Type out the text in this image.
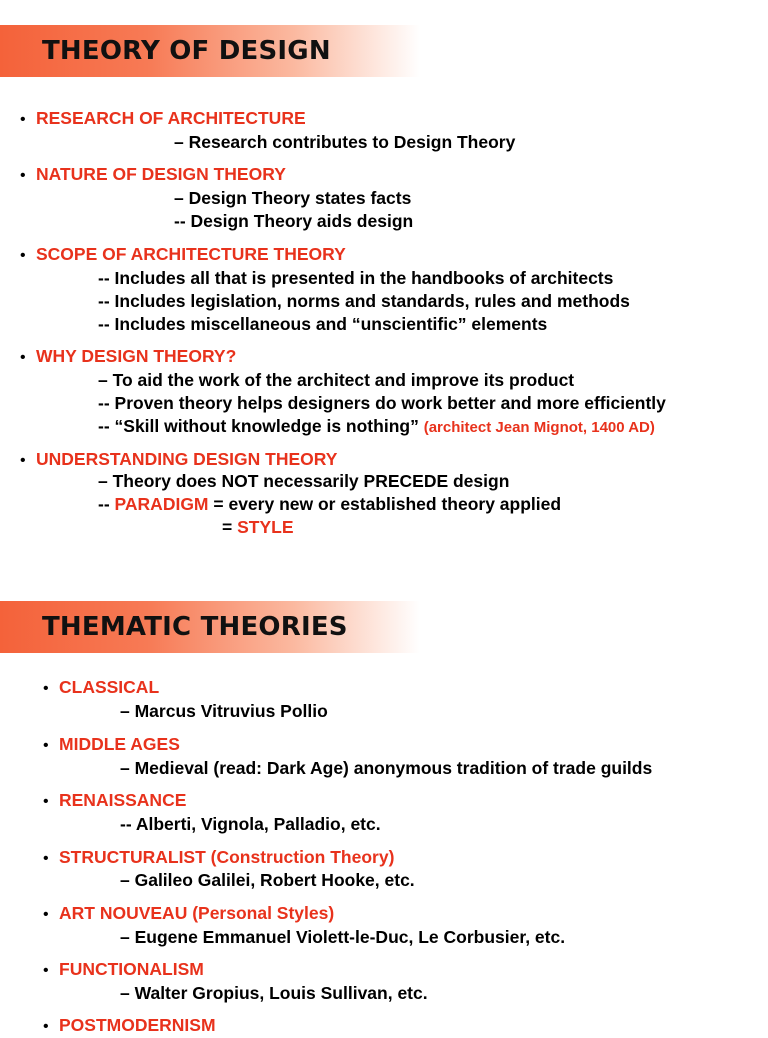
THEORY OF DESIGN
• RESEARCH OF ARCHITECTURE
– Research contributes to Design Theory
• NATURE OF DESIGN THEORY
– Design Theory states facts
-- Design Theory aids design
• SCOPE OF ARCHITECTURE THEORY
-- Includes all that is presented in the handbooks of architects
-- Includes legislation, norms and standards, rules and methods
-- Includes miscellaneous and “unscientific” elements
• WHY DESIGN THEORY?
– To aid the work of the architect and improve its product
-- Proven theory helps designers do work better and more efficiently
-- “Skill without knowledge is nothing” (architect Jean Mignot, 1400 AD)
• UNDERSTANDING DESIGN THEORY
– Theory does NOT necessarily PRECEDE design
-- PARADIGM = every new or established theory applied
= STYLE
THEMATIC THEORIES
• CLASSICAL
– Marcus Vitruvius Pollio
• MIDDLE AGES
– Medieval (read: Dark Age) anonymous tradition of trade guilds
• RENAISSANCE
-- Alberti, Vignola, Palladio, etc.
• STRUCTURALIST (Construction Theory)
– Galileo Galilei, Robert Hooke, etc.
• ART NOUVEAU (Personal Styles)
– Eugene Emmanuel Violett-le-Duc, Le Corbusier, etc.
• FUNCTIONALISM
– Walter Gropius, Louis Sullivan, etc.
• POSTMODERNISM
